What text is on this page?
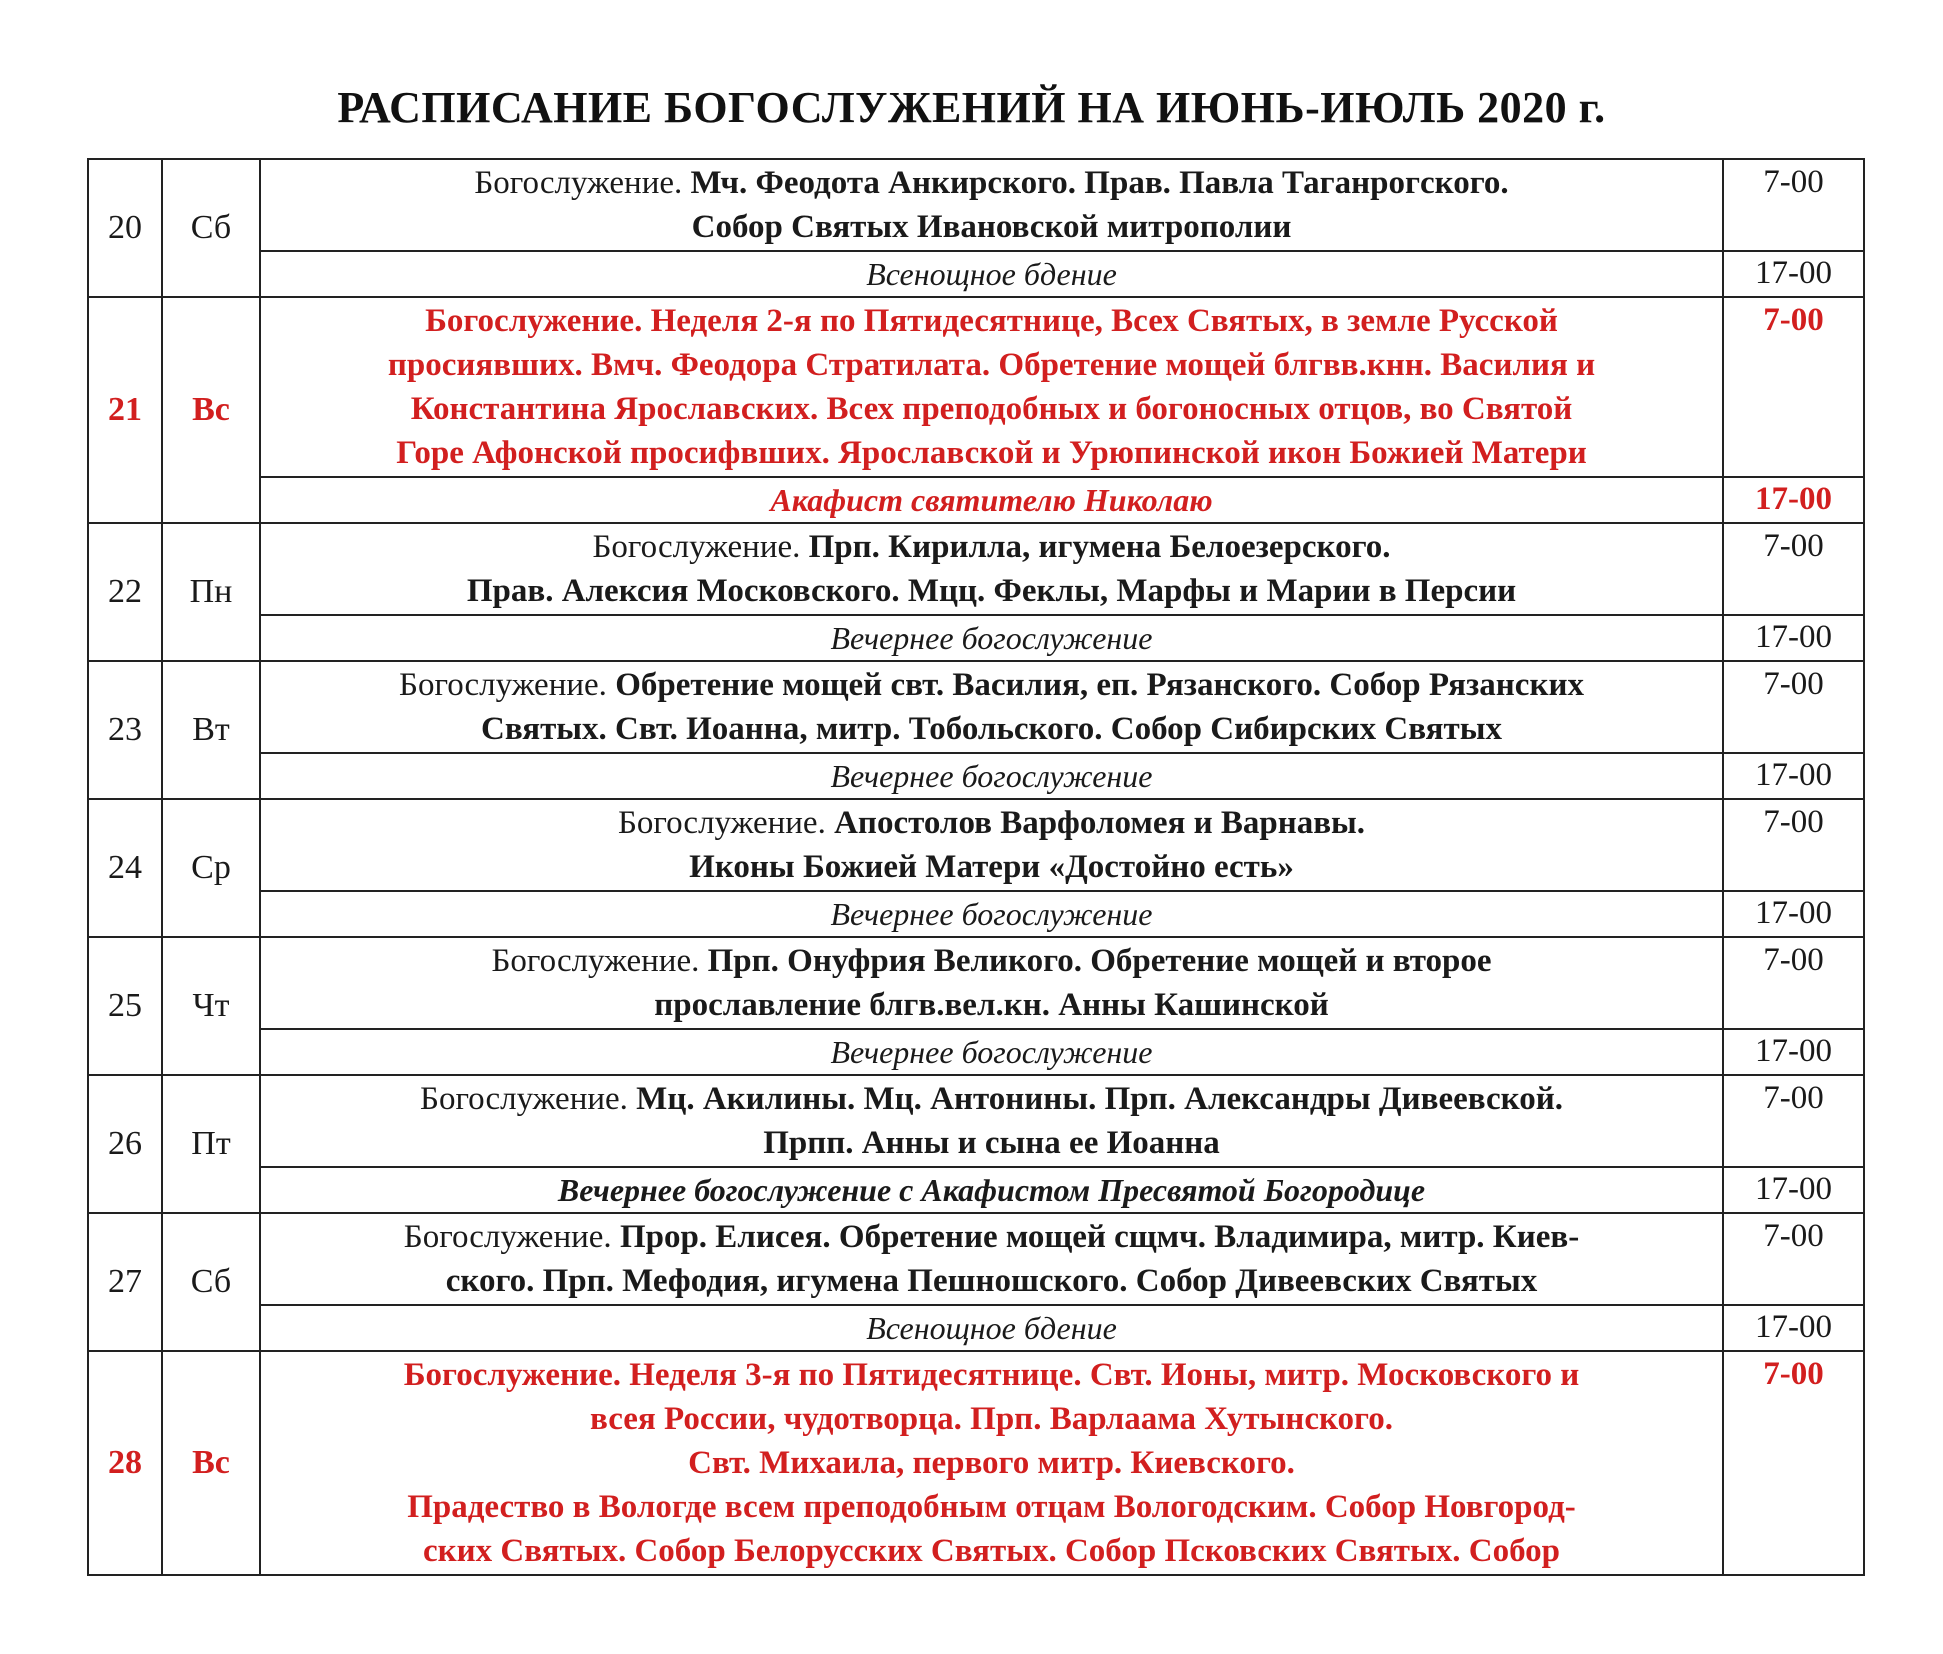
РАСПИСАНИЕ БОГОСЛУЖЕНИЙ НА ИЮНЬ-ИЮЛЬ 2020 г.
20	Сб	Богослужение. Мч. Феодота Анкирского. Прав. Павла Таганрогского.
Собор Святых Ивановской митрополии	7-00
		Всенощное бдение	17-00
21	Вс	Богослужение. Неделя 2-я по Пятидесятнице, Всех Святых, в земле Русской
просиявших. Вмч. Феодора Стратилата. Обретение мощей блгвв.кнн. Василия и
Константина Ярославских. Всех преподобных и богоносных отцов, во Святой
Горе Афонской просифвших. Ярославской и Урюпинской икон Божией Матери	7-00
		Акафист святителю Николаю	17-00
22	Пн	Богослужение. Прп. Кирилла, игумена Белоезерского.
Прав. Алексия Московского. Мцц. Феклы, Марфы и Марии в Персии	7-00
		Вечернее богослужение	17-00
23	Вт	Богослужение. Обретение мощей свт. Василия, еп. Рязанского. Собор Рязанских
Святых. Свт. Иоанна, митр. Тобольского. Собор Сибирских Святых	7-00
		Вечернее богослужение	17-00
24	Ср	Богослужение. Апостолов Варфоломея и Варнавы.
Иконы Божией Матери «Достойно есть»	7-00
		Вечернее богослужение	17-00
25	Чт	Богослужение. Прп. Онуфрия Великого. Обретение мощей и второе
прославление блгв.вел.кн. Анны Кашинской	7-00
		Вечернее богослужение	17-00
26	Пт	Богослужение. Мц. Акилины. Мц. Антонины. Прп. Александры Дивеевской.
Прпп. Анны и сына ее Иоанна	7-00
		Вечернее богослужение с Акафистом Пресвятой Богородице	17-00
27	Сб	Богослужение. Прор. Елисея. Обретение мощей сщмч. Владимира, митр. Киев-
ского. Прп. Мефодия, игумена Пешношского. Собор Дивеевских Святых	7-00
		Всенощное бдение	17-00
28	Вс	Богослужение. Неделя 3-я по Пятидесятнице. Свт. Ионы, митр. Московского и
всея России, чудотворца. Прп. Варлаама Хутынского.
Свт. Михаила, первого митр. Киевского.
Прадество в Вологде всем преподобным отцам Вологодским. Собор Новгород-
ских Святых. Собор Белорусских Святых. Собор Псковских Святых. Собор	7-00
